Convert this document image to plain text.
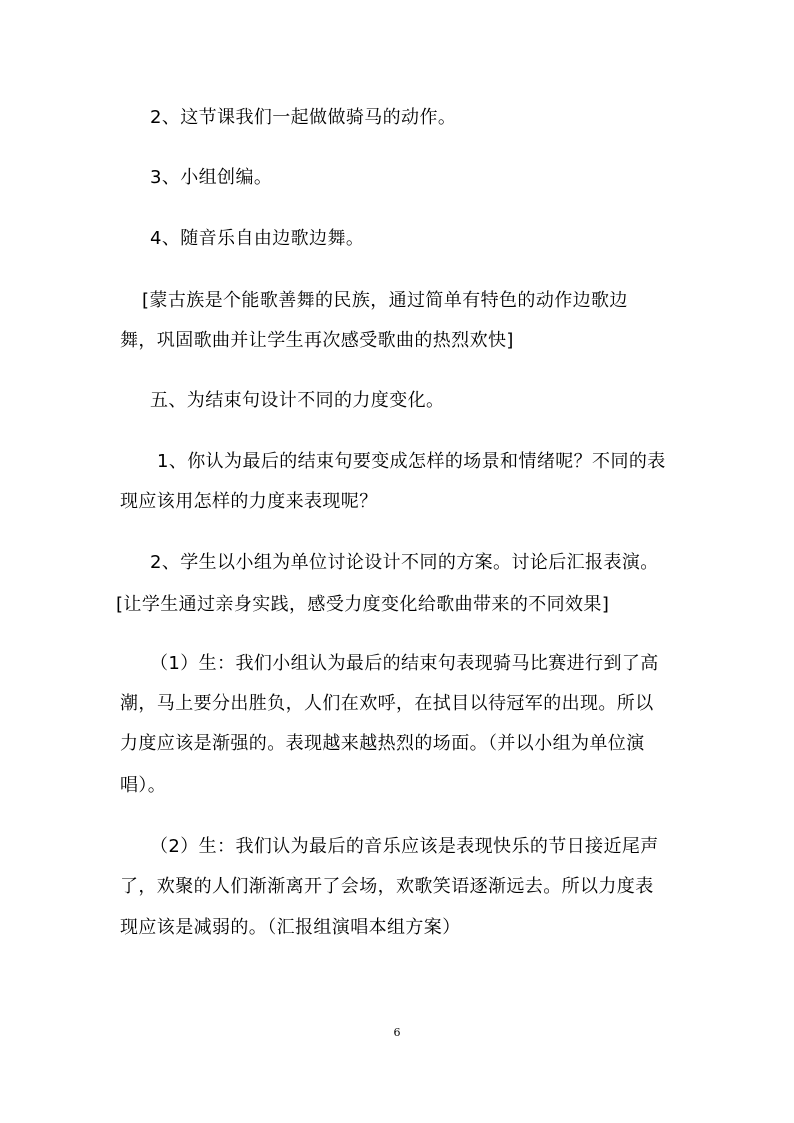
2、这节课我们一起做做骑马的动作。
3、小组创编。
4、随音乐自由边歌边舞。
[蒙古族是个能歌善舞的民族，通过简单有特色的动作边歌边
舞，巩固歌曲并让学生再次感受歌曲的热烈欢快]
五、为结束句设计不同的力度变化。
1、你认为最后的结束句要变成怎样的场景和情绪呢？不同的表
现应该用怎样的力度来表现呢？
2、学生以小组为单位讨论设计不同的方案。讨论后汇报表演。
[让学生通过亲身实践，感受力度变化给歌曲带来的不同效果]
（1）生：我们小组认为最后的结束句表现骑马比赛进行到了高
潮，马上要分出胜负，人们在欢呼，在拭目以待冠军的出现。所以
力度应该是渐强的。表现越来越热烈的场面。（并以小组为单位演
唱）。
（2）生：我们认为最后的音乐应该是表现快乐的节日接近尾声
了，欢聚的人们渐渐离开了会场，欢歌笑语逐渐远去。所以力度表
现应该是减弱的。（汇报组演唱本组方案）
6
